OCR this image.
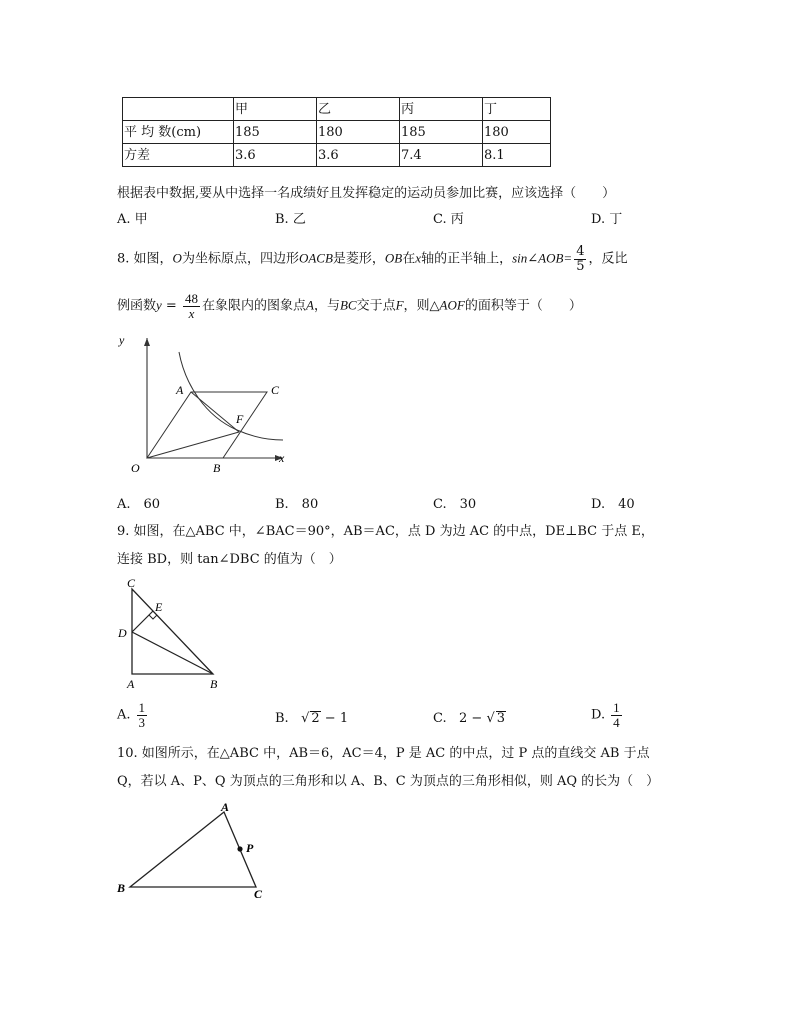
	甲	乙	丙	丁
平 均 数(cm)	185	180	185	180
方差	3.6	3.6	7.4	8.1
根据表中数据,要从中选择一名成绩好且发挥稳定的运动员参加比赛，应该选择（　　）
A. 甲	B. 乙	C. 丙	D. 丁
8. 如图，O为坐标原点，四边形OACB是菱形，OB在x轴的正半轴上，sin∠AOB= $\frac{4}{5}$ ，反比
例函数$y = \frac{48}{x}$ 在象限内的图象点A，与BC交于点F，则△AOF的面积等于（　　）
y
A	C
F
O	B
x
A.　60	B.　80	C.　30	D.　40
9. 如图，在△ABC 中，∠BAC＝90°，AB＝AC，点 D 为边 AC 的中点，DE⊥BC 于点 E，
连接 BD，则 tan∠DBC 的值为（　）
C
E
D
A	B
A. $\frac{1}{3}$	B.   √ 2 − 1	C. 2 − √ 3	D. $\frac{1}{4}$
10. 如图所示，在△ABC 中，AB＝6，AC＝4，P 是 AC 的中点，过 P 点的直线交 AB 于点
Q，若以 A、P、Q 为顶点的三角形和以 A、B、C 为顶点的三角形相似，则 AQ 的长为（　）
A
P
B	C
